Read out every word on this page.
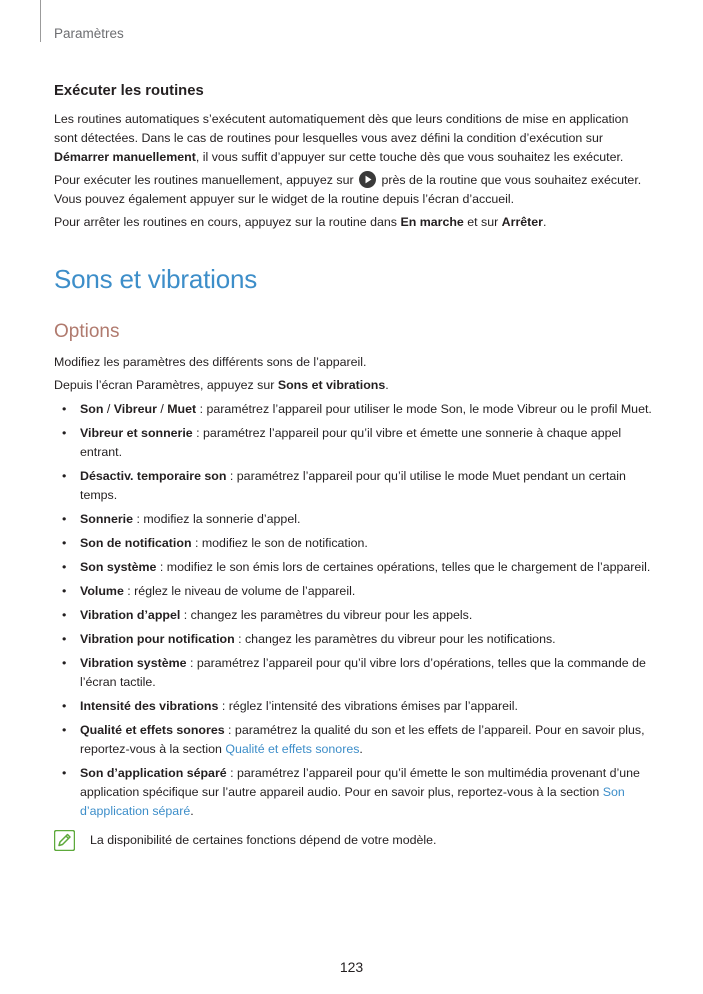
Paramètres
Exécuter les routines

Les routines automatiques s’exécutent automatiquement dès que leurs conditions de mise en application sont détectées. Dans le cas de routines pour lesquelles vous avez défini la condition d’exécution sur Démarrer manuellement, il vous suffit d’appuyer sur cette touche dès que vous souhaitez les exécuter.

Pour exécuter les routines manuellement, appuyez sur près de la routine que vous souhaitez exécuter. Vous pouvez également appuyer sur le widget de la routine depuis l’écran d’accueil.

Pour arrêter les routines en cours, appuyez sur la routine dans En marche et sur Arrêter.

Sons et vibrations
Options

Modifiez les paramètres des différents sons de l’appareil.

Depuis l’écran Paramètres, appuyez sur Sons et vibrations.

• Son / Vibreur / Muet : paramétrez l’appareil pour utiliser le mode Son, le mode Vibreur ou le profil Muet.
• Vibreur et sonnerie : paramétrez l’appareil pour qu’il vibre et émette une sonnerie à chaque appel entrant.
• Désactiv. temporaire son : paramétrez l’appareil pour qu’il utilise le mode Muet pendant un certain temps.
• Sonnerie : modifiez la sonnerie d’appel.
• Son de notification : modifiez le son de notification.
• Son système : modifiez le son émis lors de certaines opérations, telles que le chargement de l’appareil.
• Volume : réglez le niveau de volume de l’appareil.
• Vibration d’appel : changez les paramètres du vibreur pour les appels.
• Vibration pour notification : changez les paramètres du vibreur pour les notifications.
• Vibration système : paramétrez l’appareil pour qu’il vibre lors d’opérations, telles que la commande de l’écran tactile.
• Intensité des vibrations : réglez l’intensité des vibrations émises par l’appareil.
• Qualité et effets sonores : paramétrez la qualité du son et les effets de l’appareil. Pour en savoir plus, reportez-vous à la section Qualité et effets sonores.
• Son d’application séparé : paramétrez l’appareil pour qu’il émette le son multimédia provenant d’une application spécifique sur l’autre appareil audio. Pour en savoir plus, reportez-vous à la section Son d’application séparé.
La disponibilité de certaines fonctions dépend de votre modèle.
123
